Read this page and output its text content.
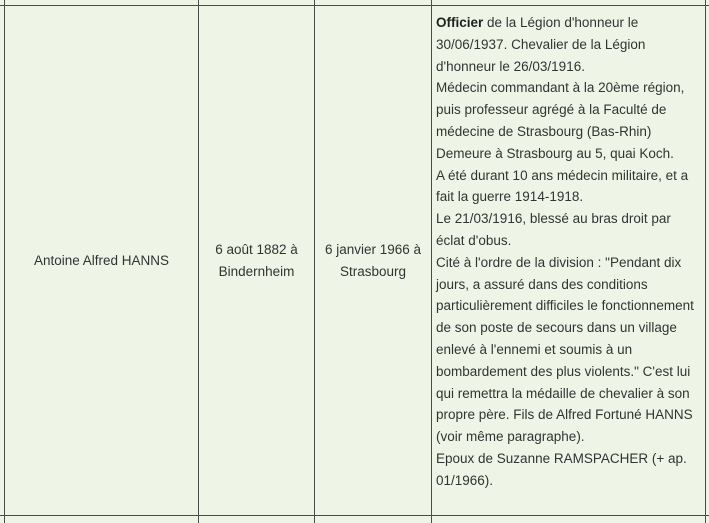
Antoine Alfred HANNS
6 août 1882 à Bindernheim
6 janvier 1966 à Strasbourg

Officier de la Légion d'honneur le 30/06/1937. Chevalier de la Légion d'honneur le 26/03/1916.

Médecin commandant à la 20ème région, puis professeur agrégé à la Faculté de médecine de Strasbourg (Bas-Rhin)

Demeure à Strasbourg au 5, quai Koch.

A été durant 10 ans médecin militaire, et a fait la guerre 1914-1918.

Le 21/03/1916, blessé au bras droit par éclat d'obus.

Cité à l'ordre de la division : "Pendant dix jours, a assuré dans des conditions particulièrement difficiles le fonctionnement de son poste de secours dans un village enlevé à l'ennemi et soumis à un bombardement des plus violents." C'est lui qui remettra la médaille de chevalier à son propre père. Fils de Alfred Fortuné HANNS (voir même paragraphe).

Epoux de Suzanne RAMSPACHER (+ ap. 01/1966).
